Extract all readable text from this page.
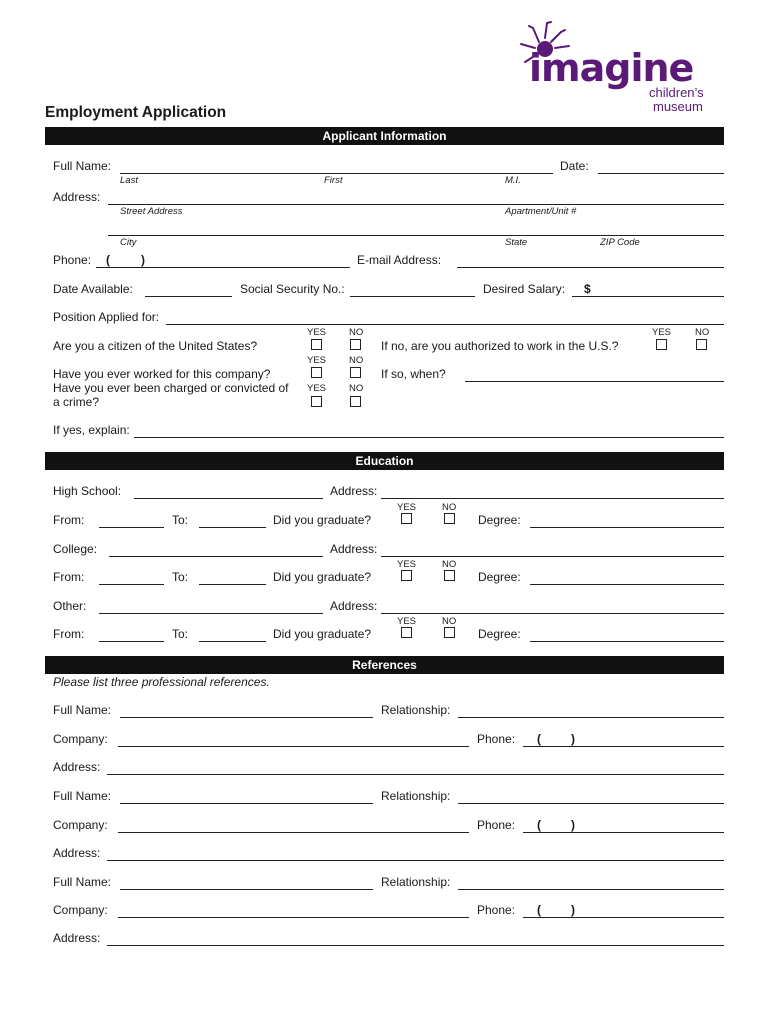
imagine
children’s
museum
Employment Application
Applicant Information
Full Name:	Date:
Last	First	M.I.
Address:
Street Address	Apartment/Unit #
City	State	ZIP Code
Phone: (	)	E-mail Address:
Date Available:	Social Security No.:	Desired Salary: $
Position Applied for:
YES NO
Are you a citizen of the United States?	If no, are you authorized to work in the U.S.?
YES	NO
YES NO
Have you ever worked for this company?	If so, when?
Have you ever been charged or convicted of
a crime?
YES NO
If yes, explain:
Education
High School:	Address:
YES	NO
From:	To:	Did you graduate?	Degree:
College:	Address:
YES	NO
From:	To:	Did you graduate?	Degree:
Other:	Address:
YES	NO
From:	To:	Did you graduate?	Degree:
References
Please list three professional references.
Full Name:	Relationship:
Company:	Phone: (	)
Address:
Full Name:	Relationship:
Company:	Phone: (	)
Address:
Full Name:	Relationship:
Company:	Phone: (	)
Address:
